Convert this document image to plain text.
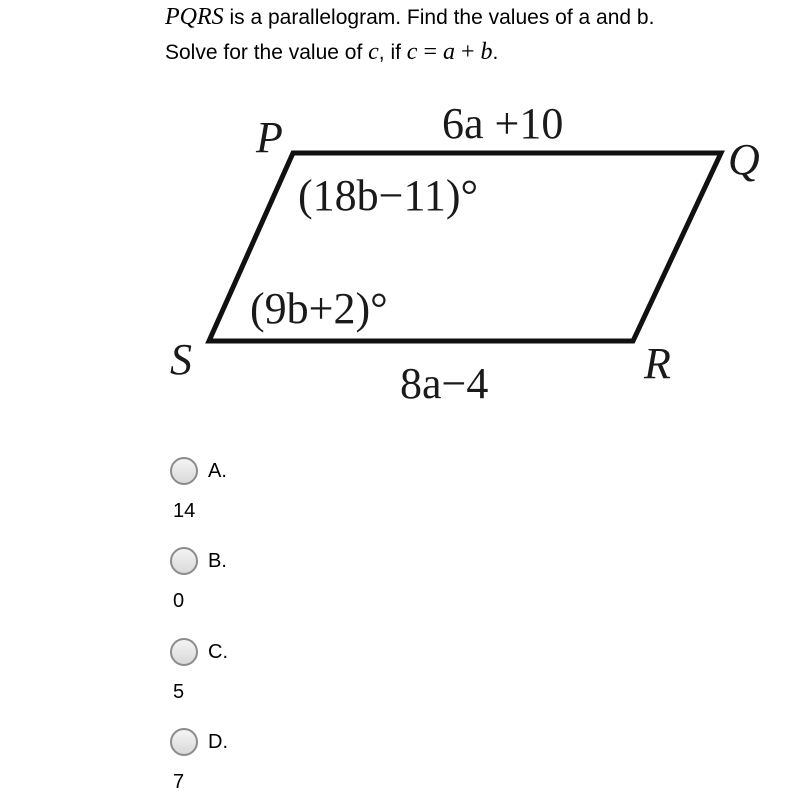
PQRS is a parallelogram. Find the values of a and b.
Solve for the value of c, if c = a + b.
P	Q
R
S
6a +10
8a−4
(18b−11)°
(9b+2)°
A.
14
B.
0
C.
5
D.
7
